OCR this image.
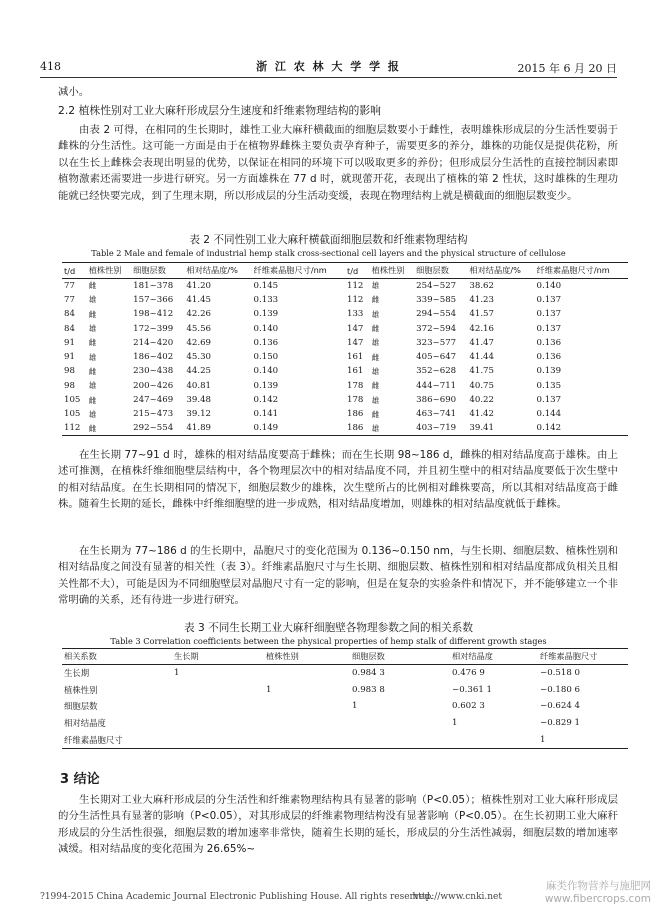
418	浙 江 农 林 大 学 学 报	2015 年 6 月 20 日
减小。
2.2 植株性别对工业大麻秆形成层分生速度和纤维素物理结构的影响
由表 2 可得，在相同的生长期时，雄性工业大麻秆横截面的细胞层数要小于雌性，表明雄株形成层的分生活性要弱于雌株的分生活性。这可能一方面是由于在植物界雌株主要负责孕育种子，需要更多的养分，雄株的功能仅是提供花粉，所以在生长上雌株会表现出明显的优势，以保证在相同的环境下可以吸取更多的养份；但形成层分生活性的直接控制因素即植物激素还需要进一步进行研究。另一方面雄株在 77 d 时，就现蕾开花，表现出了植株的第 2 性状，这时雄株的生理功能就已经快要完成，到了生理末期，所以形成层的分生活动变缓，表现在物理结构上就是横截面的细胞层数变少。
表 2 不同性别工业大麻秆横截面细胞层数和纤维素物理结构
Table 2 Male and female of industrial hemp stalk cross-sectional cell layers and the physical structure of cellulose
t/d	植株性别	细胞层数	相对结晶度/%	纤维素晶胞尺寸/nm	t/d	植株性别	细胞层数	相对结晶度/%	纤维素晶胞尺寸/nm
77	雌	181~378	41.20	0.145	112	雄	254~527	38.62	0.140
77	雄	157~366	41.45	0.133	112	雌	339~585	41.23	0.137
84	雌	198~412	42.26	0.139	133	雄	294~554	41.57	0.137
84	雄	172~399	45.56	0.140	147	雌	372~594	42.16	0.137
91	雌	214~420	42.69	0.136	147	雄	323~577	41.47	0.136
91	雄	186~402	45.30	0.150	161	雌	405~647	41.44	0.136
98	雌	230~438	44.25	0.140	161	雄	352~628	41.75	0.139
98	雄	200~426	40.81	0.139	178	雌	444~711	40.75	0.135
105	雌	247~469	39.48	0.142	178	雄	386~690	40.22	0.137
105	雄	215~473	39.12	0.141	186	雌	463~741	41.42	0.144
112	雌	292~554	41.89	0.149	186	雄	403~719	39.41	0.142
在生长期 77~91 d 时，雄株的相对结晶度要高于雌株；而在生长期 98~186 d，雌株的相对结晶度高于雄株。由上述可推测，在植株纤维细胞壁层结构中，各个物理层次中的相对结晶度不同，并且初生壁中的相对结晶度要低于次生壁中的相对结晶度。在生长期相同的情况下，细胞层数少的雄株，次生壁所占的比例相对雌株要高，所以其相对结晶度高于雌株。随着生长期的延长，雌株中纤维细胞壁的进一步成熟，相对结晶度增加，则雄株的相对结晶度就低于雌株。
在生长期为 77~186 d 的生长期中，晶胞尺寸的变化范围为 0.136~0.150 nm，与生长期、细胞层数、植株性别和相对结晶度之间没有显著的相关性（表 3）。纤维素晶胞尺寸与生长期、细胞层数、植株性别和相对结晶度都成负相关且相关性都不大），可能是因为不同细胞壁层对晶胞尺寸有一定的影响，但是在复杂的实验条件和情况下，并不能够建立一个非常明确的关系，还有待进一步进行研究。
表 3 不同生长期工业大麻秆细胞壁各物理参数之间的相关系数
Table 3 Correlation coefficients between the physical properties of hemp stalk of different growth stages
相关系数	生长期	植株性别	细胞层数	相对结晶度	纤维素晶胞尺寸
生长期	1		0.984 3	0.476 9	−0.518 0
植株性别		1	0.983 8	−0.361 1	−0.180 6
细胞层数			1	0.602 3	−0.624 4
相对结晶度				1	−0.829 1
纤维素晶胞尺寸					1
3 结论
生长期对工业大麻秆形成层的分生活性和纤维素物理结构具有显著的影响（P<0.05）；植株性别对工业大麻秆形成层的分生活性具有显著的影响（P<0.05），对其形成层的纤维素物理结构没有显著影响（P<0.05）。在生长初期工业大麻秆形成层的分生活性很强，细胞层数的增加速率非常快，随着生长期的延长，形成层的分生活性减弱，细胞层数的增加速率减缓。相对结晶度的变化范围为 26.65%~
?1994-2015 China Academic Journal Electronic Publishing House. All rights reserved.
http://www.cnki.net
麻类作物营养与施肥网
www.fibercrops.com
